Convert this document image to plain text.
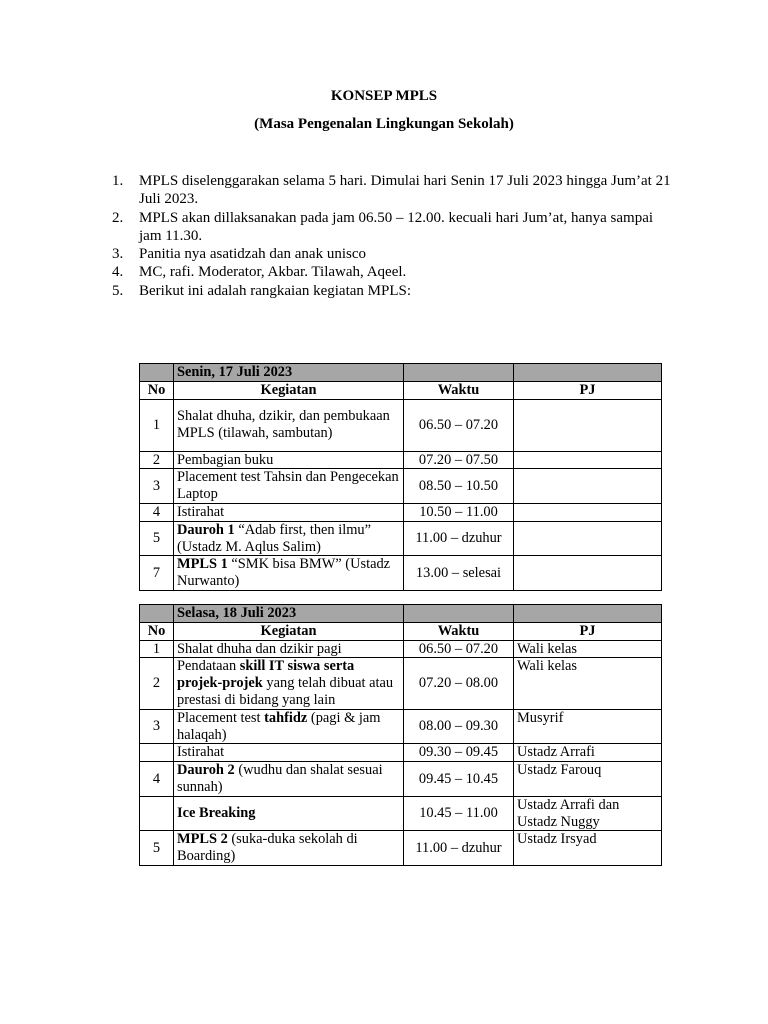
KONSEP MPLS
(Masa Pengenalan Lingkungan Sekolah)
1. MPLS diselenggarakan selama 5 hari. Dimulai hari Senin 17 Juli 2023 hingga Jum’at 21 Juli 2023.
2. MPLS akan dillaksanakan pada jam 06.50 – 12.00. kecuali hari Jum’at, hanya sampai jam 11.30.
3. Panitia nya asatidzah dan anak unisco
4. MC, rafi. Moderator, Akbar. Tilawah, Aqeel.
5. Berikut ini adalah rangkaian kegiatan MPLS:
	Senin, 17 Juli 2023		
No	Kegiatan	Waktu	PJ
1	Shalat dhuha, dzikir, dan pembukaan MPLS (tilawah, sambutan)	06.50 – 07.20	
2	Pembagian buku	07.20 – 07.50	
3	Placement test Tahsin dan Pengecekan Laptop	08.50 – 10.50	
4	Istirahat	10.50 – 11.00	
5	Dauroh 1 “Adab first, then ilmu” (Ustadz M. Aqlus Salim)	11.00 – dzuhur	
7	MPLS 1 “SMK bisa BMW” (Ustadz Nurwanto)	13.00 – selesai	
	Selasa, 18 Juli 2023		
No	Kegiatan	Waktu	PJ
1	Shalat dhuha dan dzikir pagi	06.50 – 07.20	Wali kelas
2	Pendataan skill IT siswa serta projek-projek yang telah dibuat atau prestasi di bidang yang lain	07.20 – 08.00	Wali kelas
3	Placement test tahfidz (pagi & jam halaqah)	08.00 – 09.30	Musyrif
	Istirahat	09.30 – 09.45	Ustadz Arrafi
4	Dauroh 2 (wudhu dan shalat sesuai sunnah)	09.45 – 10.45	Ustadz Farouq
	Ice Breaking	10.45 – 11.00	Ustadz Arrafi dan Ustadz Nuggy
5	MPLS 2 (suka-duka sekolah di Boarding)	11.00 – dzuhur	Ustadz Irsyad
